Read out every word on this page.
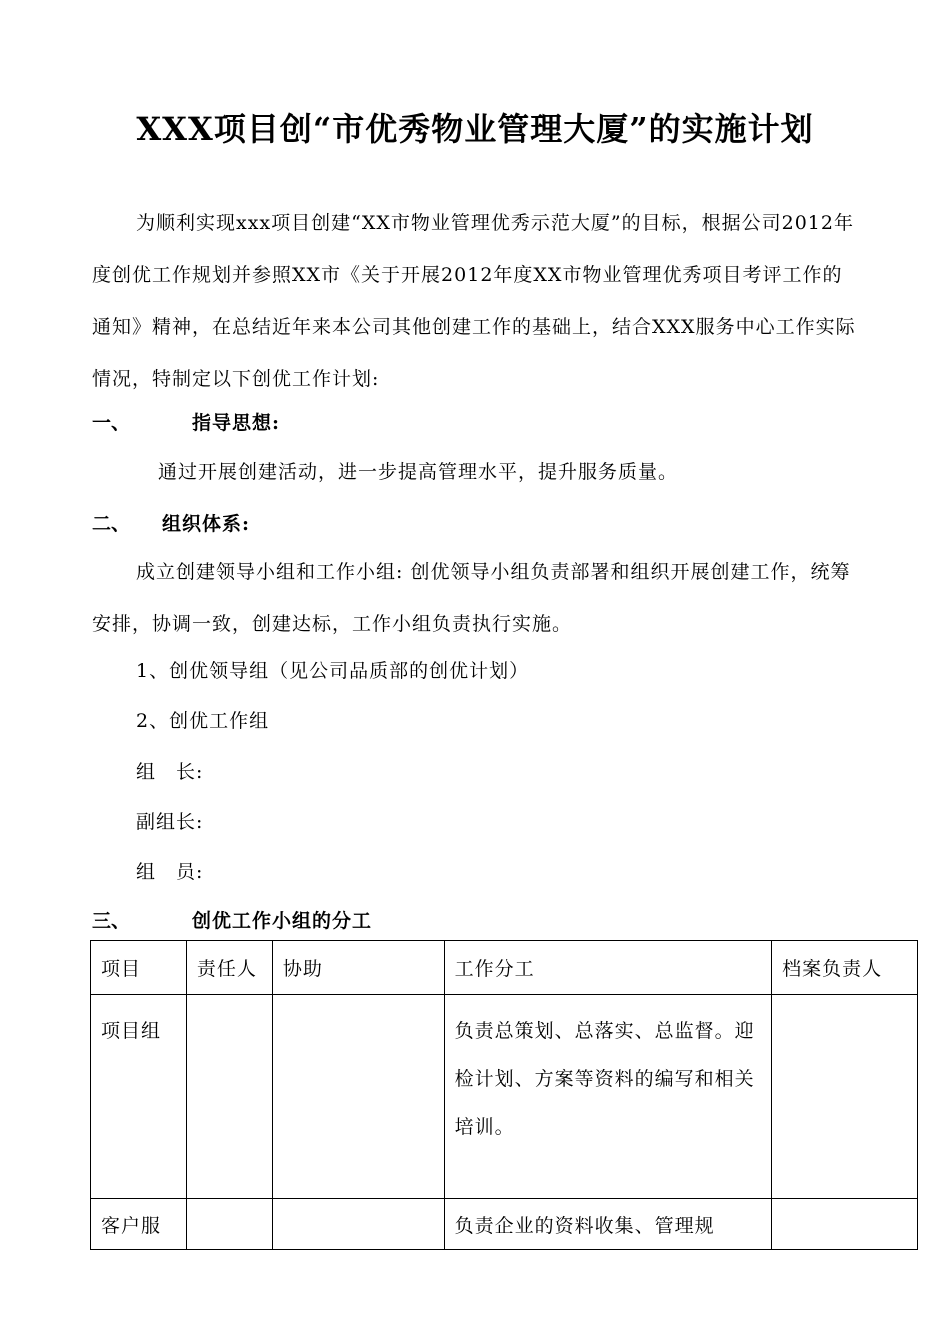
XXX项目创“市优秀物业管理大厦”的实施计划

为顺利实现xxx项目创建“XX市物业管理优秀示范大厦”的目标，根据公司2012年度创优工作规划并参照XX市《关于开展2012年度XX市物业管理优秀项目考评工作的通知》精神，在总结近年来本公司其他创建工作的基础上，结合XXX服务中心工作实际情况，特制定以下创优工作计划:

一、	指导思想:
通过开展创建活动，进一步提高管理水平，提升服务质量。
二、 组织体系:

成立创建领导小组和工作小组: 创优领导小组负责部署和组织开展创建工作，统筹安排，协调一致，创建达标，工作小组负责执行实施。

1、创优领导组（见公司品质部的创优计划）
2、创优工作组
组　长:
副组长:
组　员:
三、	创优工作小组的分工
项目	责任人	协助	工作分工	档案负责人
项目组			负责总策划、总落实、总监督。迎检计划、方案等资料的编写和相关培训。	
客户服			负责企业的资料收集、管理规	
